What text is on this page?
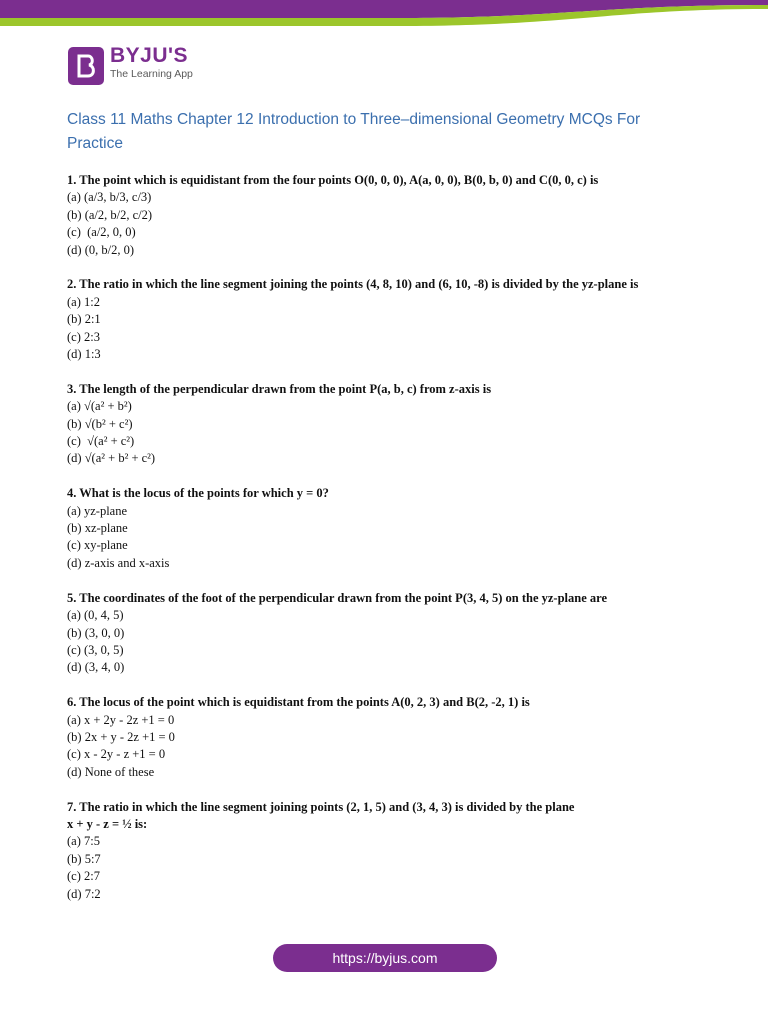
BYJU'S
The Learning App
Class 11 Maths Chapter 12 Introduction to Three–dimensional Geometry MCQs For Practice
1. The point which is equidistant from the four points O(0, 0, 0), A(a, 0, 0), B(0, b, 0) and C(0, 0, c) is
(a) (a/3, b/3, c/3)
(b) (a/2, b/2, c/2)
(c)  (a/2, 0, 0)
(d) (0, b/2, 0)
2. The ratio in which the line segment joining the points (4, 8, 10) and (6, 10, -8) is divided by the yz-plane is
(a) 1:2
(b) 2:1
(c) 2:3
(d) 1:3
3. The length of the perpendicular drawn from the point P(a, b, c) from z-axis is
(a) √(a² + b²)
(b) √(b² + c²)
(c)  √(a² + c²)
(d) √(a² + b² + c²)
4. What is the locus of the points for which y = 0?
(a) yz-plane
(b) xz-plane
(c) xy-plane
(d) z-axis and x-axis
5. The coordinates of the foot of the perpendicular drawn from the point P(3, 4, 5) on the yz-plane are
(a) (0, 4, 5)
(b) (3, 0, 0)
(c) (3, 0, 5)
(d) (3, 4, 0)
6. The locus of the point which is equidistant from the points A(0, 2, 3) and B(2, -2, 1) is
(a) x + 2y - 2z +1 = 0
(b) 2x + y - 2z +1 = 0
(c) x - 2y - z +1 = 0
(d) None of these
7. The ratio in which the line segment joining points (2, 1, 5) and (3, 4, 3) is divided by the plane
x + y - z = ½ is:
(a) 7:5
(b) 5:7
(c) 2:7
(d) 7:2
https://byjus.com
